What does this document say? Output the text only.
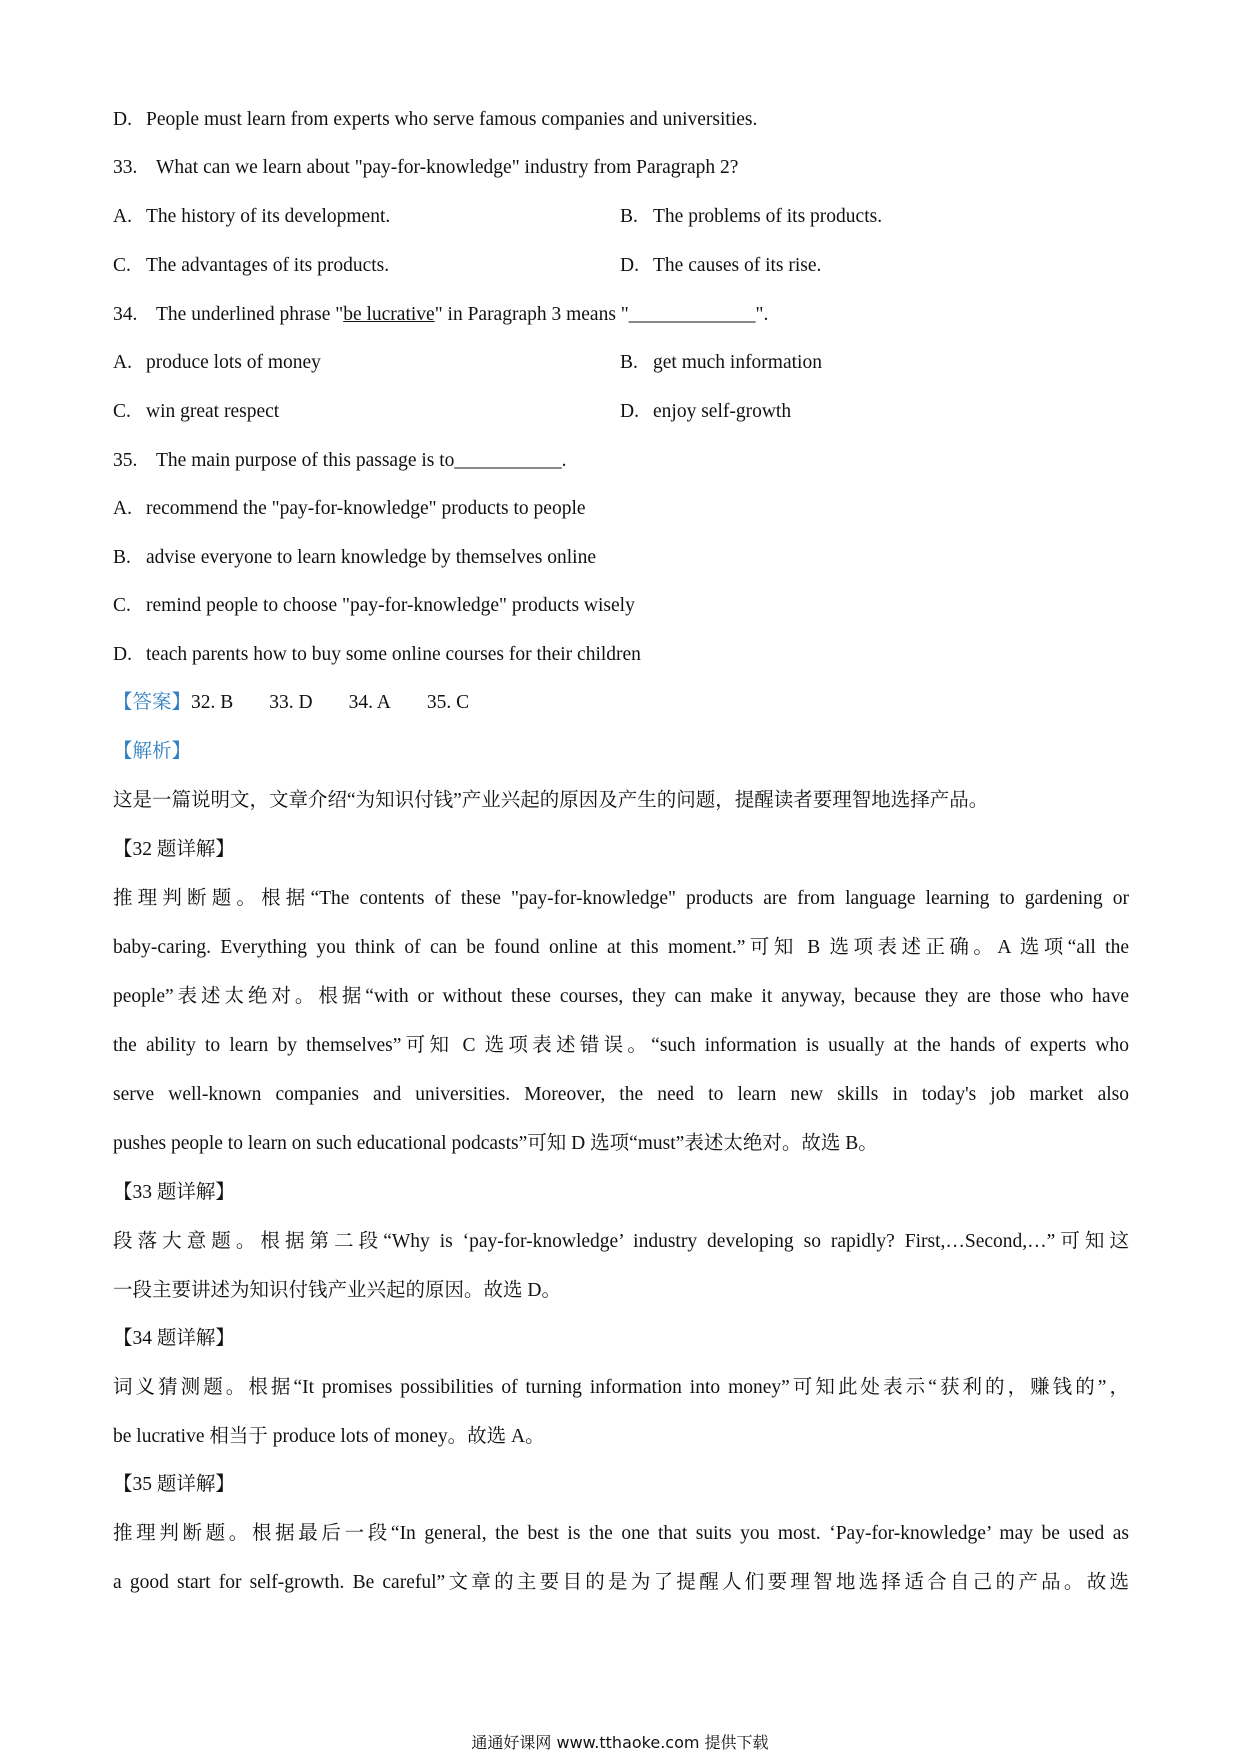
D. People must learn from experts who serve famous companies and universities.
33. What can we learn about "pay-for-knowledge" industry from Paragraph 2?
A. The history of its development.	B. The problems of its products.
C. The advantages of its products.	D. The causes of its rise.
34. The underlined phrase "be lucrative" in Paragraph 3 means "_____________".
A. produce lots of money	B. get much information
C. win great respect	D. enjoy self-growth
35. The main purpose of this passage is to___________.
A. recommend the "pay-for-knowledge" products to people
B. advise everyone to learn knowledge by themselves online
C. remind people to choose "pay-for-knowledge" products wisely
D. teach parents how to buy some online courses for their children
【答案】32. B 33. D 34. A 35. C
【解析】
这是一篇说明文，文章介绍“为知识付钱”产业兴起的原因及产生的问题，提醒读者要理智地选择产品。
【32 题详解】
推理判断题。根据“The contents of these "pay-for-knowledge" products are from language learning to gardening or
baby-caring. Everything you think of can be found online at this moment.”可知 B 选项表述正确。A 选项“all the
people”表述太绝对。根据“with or without these courses, they can make it anyway, because they are those who have
the ability to learn by themselves”可知 C 选项表述错误。“such information is usually at the hands of experts who
serve well-known companies and universities. Moreover, the need to learn new skills in today's job market also
pushes people to learn on such educational podcasts”可知 D 选项“must”表述太绝对。故选 B。
【33 题详解】
段落大意题。根据第二段“Why is ‘pay-for-knowledge’ industry developing so rapidly? First,…Second,…”可知这
一段主要讲述为知识付钱产业兴起的原因。故选 D。
【34 题详解】
词义猜测题。根据“It promises possibilities of turning information into money”可知此处表示“获利的，赚钱的”，
be lucrative 相当于 produce lots of money。故选 A。
【35 题详解】
推理判断题。根据最后一段“In general, the best is the one that suits you most. ‘Pay-for-knowledge’ may be used as
a good start for self-growth. Be careful”文章的主要目的是为了提醒人们要理智地选择适合自己的产品。故选
通通好课网 www.tthaoke.com 提供下载
